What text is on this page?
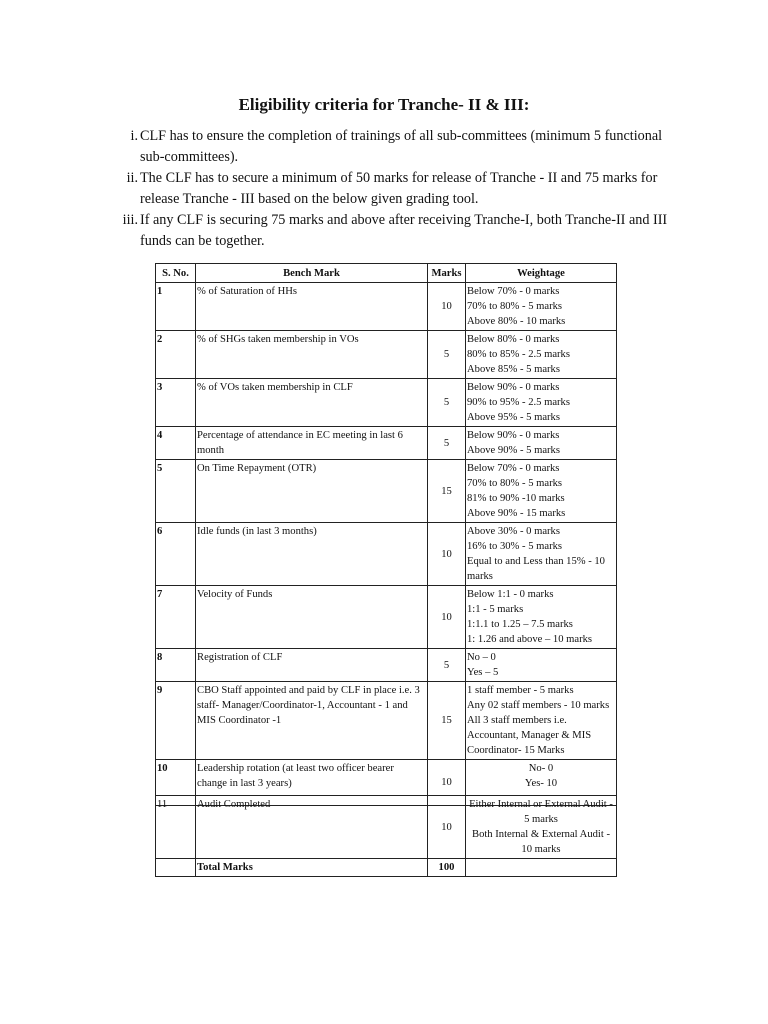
Eligibility criteria for Tranche- II & III:
i. CLF has to ensure the completion of trainings of all sub-committees (minimum 5 functional sub-committees).
ii. The CLF has to secure a minimum of 50 marks for release of Tranche - II and 75 marks for release Tranche - III based on the below given grading tool.
iii. If any CLF is securing 75 marks and above after receiving Tranche-I, both Tranche-II and III funds can be together.
S. No.	Bench Mark	Marks	Weightage
1	% of Saturation of HHs	10	Below 70% - 0 marks
70% to 80% - 5 marks
Above 80% - 10 marks

2	% of SHGs taken membership in VOs	5	Below 80% - 0 marks
80% to 85% - 2.5 marks
Above 85% - 5 marks

3	% of VOs taken membership in CLF	5	Below 90% - 0 marks
90% to 95% - 2.5 marks
Above 95% - 5 marks

4	Percentage of attendance in EC meeting in last 6 month	5	Below 90% - 0 marks
Above 90% - 5 marks

5	On Time Repayment (OTR)	15	Below 70% - 0 marks
70% to 80% - 5 marks
81% to 90% -10 marks
Above 90% - 15 marks

6	Idle funds (in last 3 months)	10	Above 30% - 0 marks
16% to 30% - 5 marks
Equal to and Less than 15% - 10 marks

7	Velocity of Funds	10	Below 1:1 - 0 marks
1:1 - 5 marks
1:1.1 to 1.25 – 7.5 marks
1: 1.26 and above – 10 marks

8	Registration of CLF	5	No – 0
Yes – 5

9	CBO Staff appointed and paid by CLF in place i.e. 3 staff- Manager/Coordinator-1, Accountant - 1 and MIS Coordinator -1	15	1 staff member - 5 marks
Any 02 staff members - 10 marks
All 3 staff members i.e. Accountant, Manager & MIS Coordinator- 15 Marks

10	Leadership rotation (at least two officer bearer change in last 3 years)	10	No- 0
Yes- 10
11	Audit Completed	10	Either Internal or External Audit - 5 marks
Both Internal & External Audit - 10 marks

	Total Marks	100	
